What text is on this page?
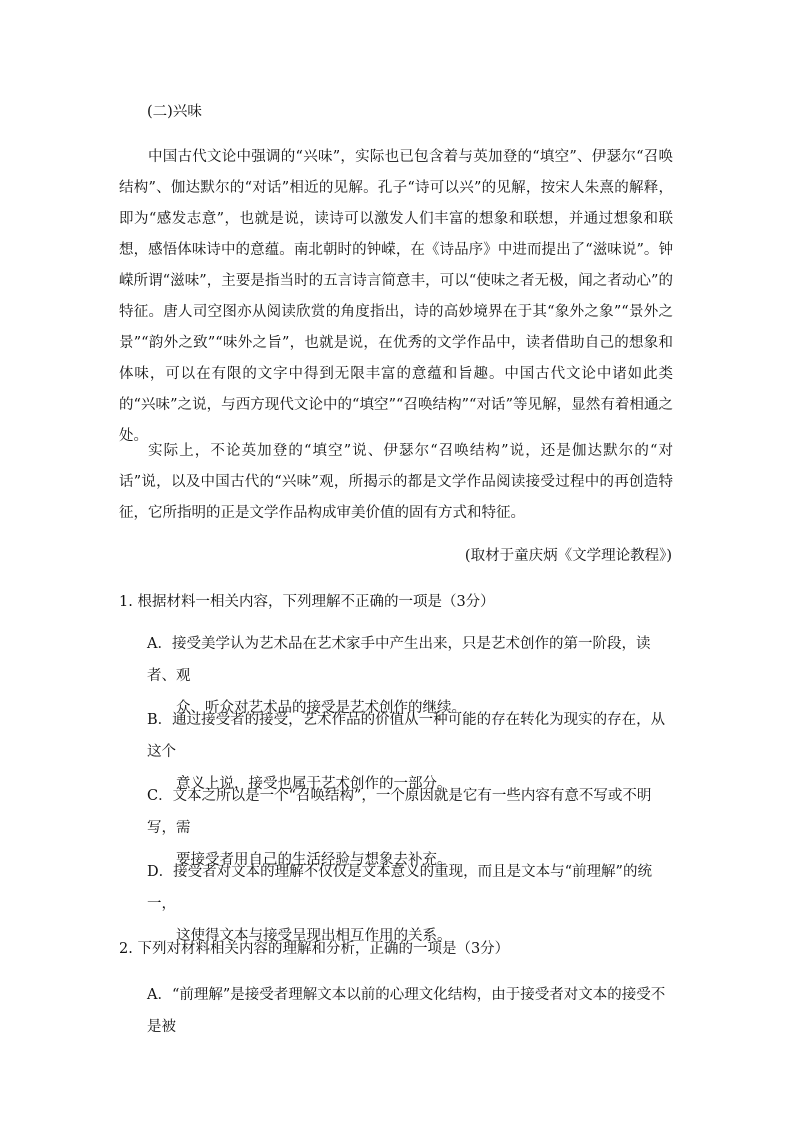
(二)兴味

中国古代文论中强调的“兴味”，实际也已包含着与英加登的“填空”、伊瑟尔“召唤结构”、伽达默尔的“对话”相近的见解。孔子“诗可以兴”的见解，按宋人朱熹的解释，即为“感发志意”，也就是说，读诗可以激发人们丰富的想象和联想，并通过想象和联想，感悟体味诗中的意蕴。南北朝时的钟嵘，在《诗品序》中进而提出了“滋味说”。钟嵘所谓“滋味”，主要是指当时的五言诗言简意丰，可以“使味之者无极，闻之者动心”的特征。唐人司空图亦从阅读欣赏的角度指出，诗的高妙境界在于其“象外之象”“景外之景”“韵外之致”“味外之旨”，也就是说，在优秀的文学作品中，读者借助自己的想象和体味，可以在有限的文字中得到无限丰富的意蕴和旨趣。中国古代文论中诸如此类的“兴味”之说，与西方现代文论中的“填空”“召唤结构”“对话”等见解，显然有着相通之处。

实际上，不论英加登的“填空”说、伊瑟尔“召唤结构”说，还是伽达默尔的“对话”说，以及中国古代的“兴味”观，所揭示的都是文学作品阅读接受过程中的再创造特征，它所指明的正是文学作品构成审美价值的固有方式和特征。

(取材于童庆炳《文学理论教程》)
1. 根据材料一相关内容，下列理解不正确的一项是（3分）
A．接受美学认为艺术品在艺术家手中产生出来，只是艺术创作的第一阶段，读者、观
众、听众对艺术品的接受是艺术创作的继续。
B．通过接受者的接受，艺术作品的价值从一种可能的存在转化为现实的存在，从这个
意义上说，接受也属于艺术创作的一部分。
C．文本之所以是一个“召唤结构”，一个原因就是它有一些内容有意不写或不明写，需
要接受者用自己的生活经验与想象去补充。
D．接受者对文本的理解不仅仅是文本意义的重现，而且是文本与“前理解”的统一，
这使得文本与接受呈现出相互作用的关系。
2. 下列对材料相关内容的理解和分析，正确的一项是（3分）
A．“前理解”是接受者理解文本以前的心理文化结构，由于接受者对文本的接受不是被
